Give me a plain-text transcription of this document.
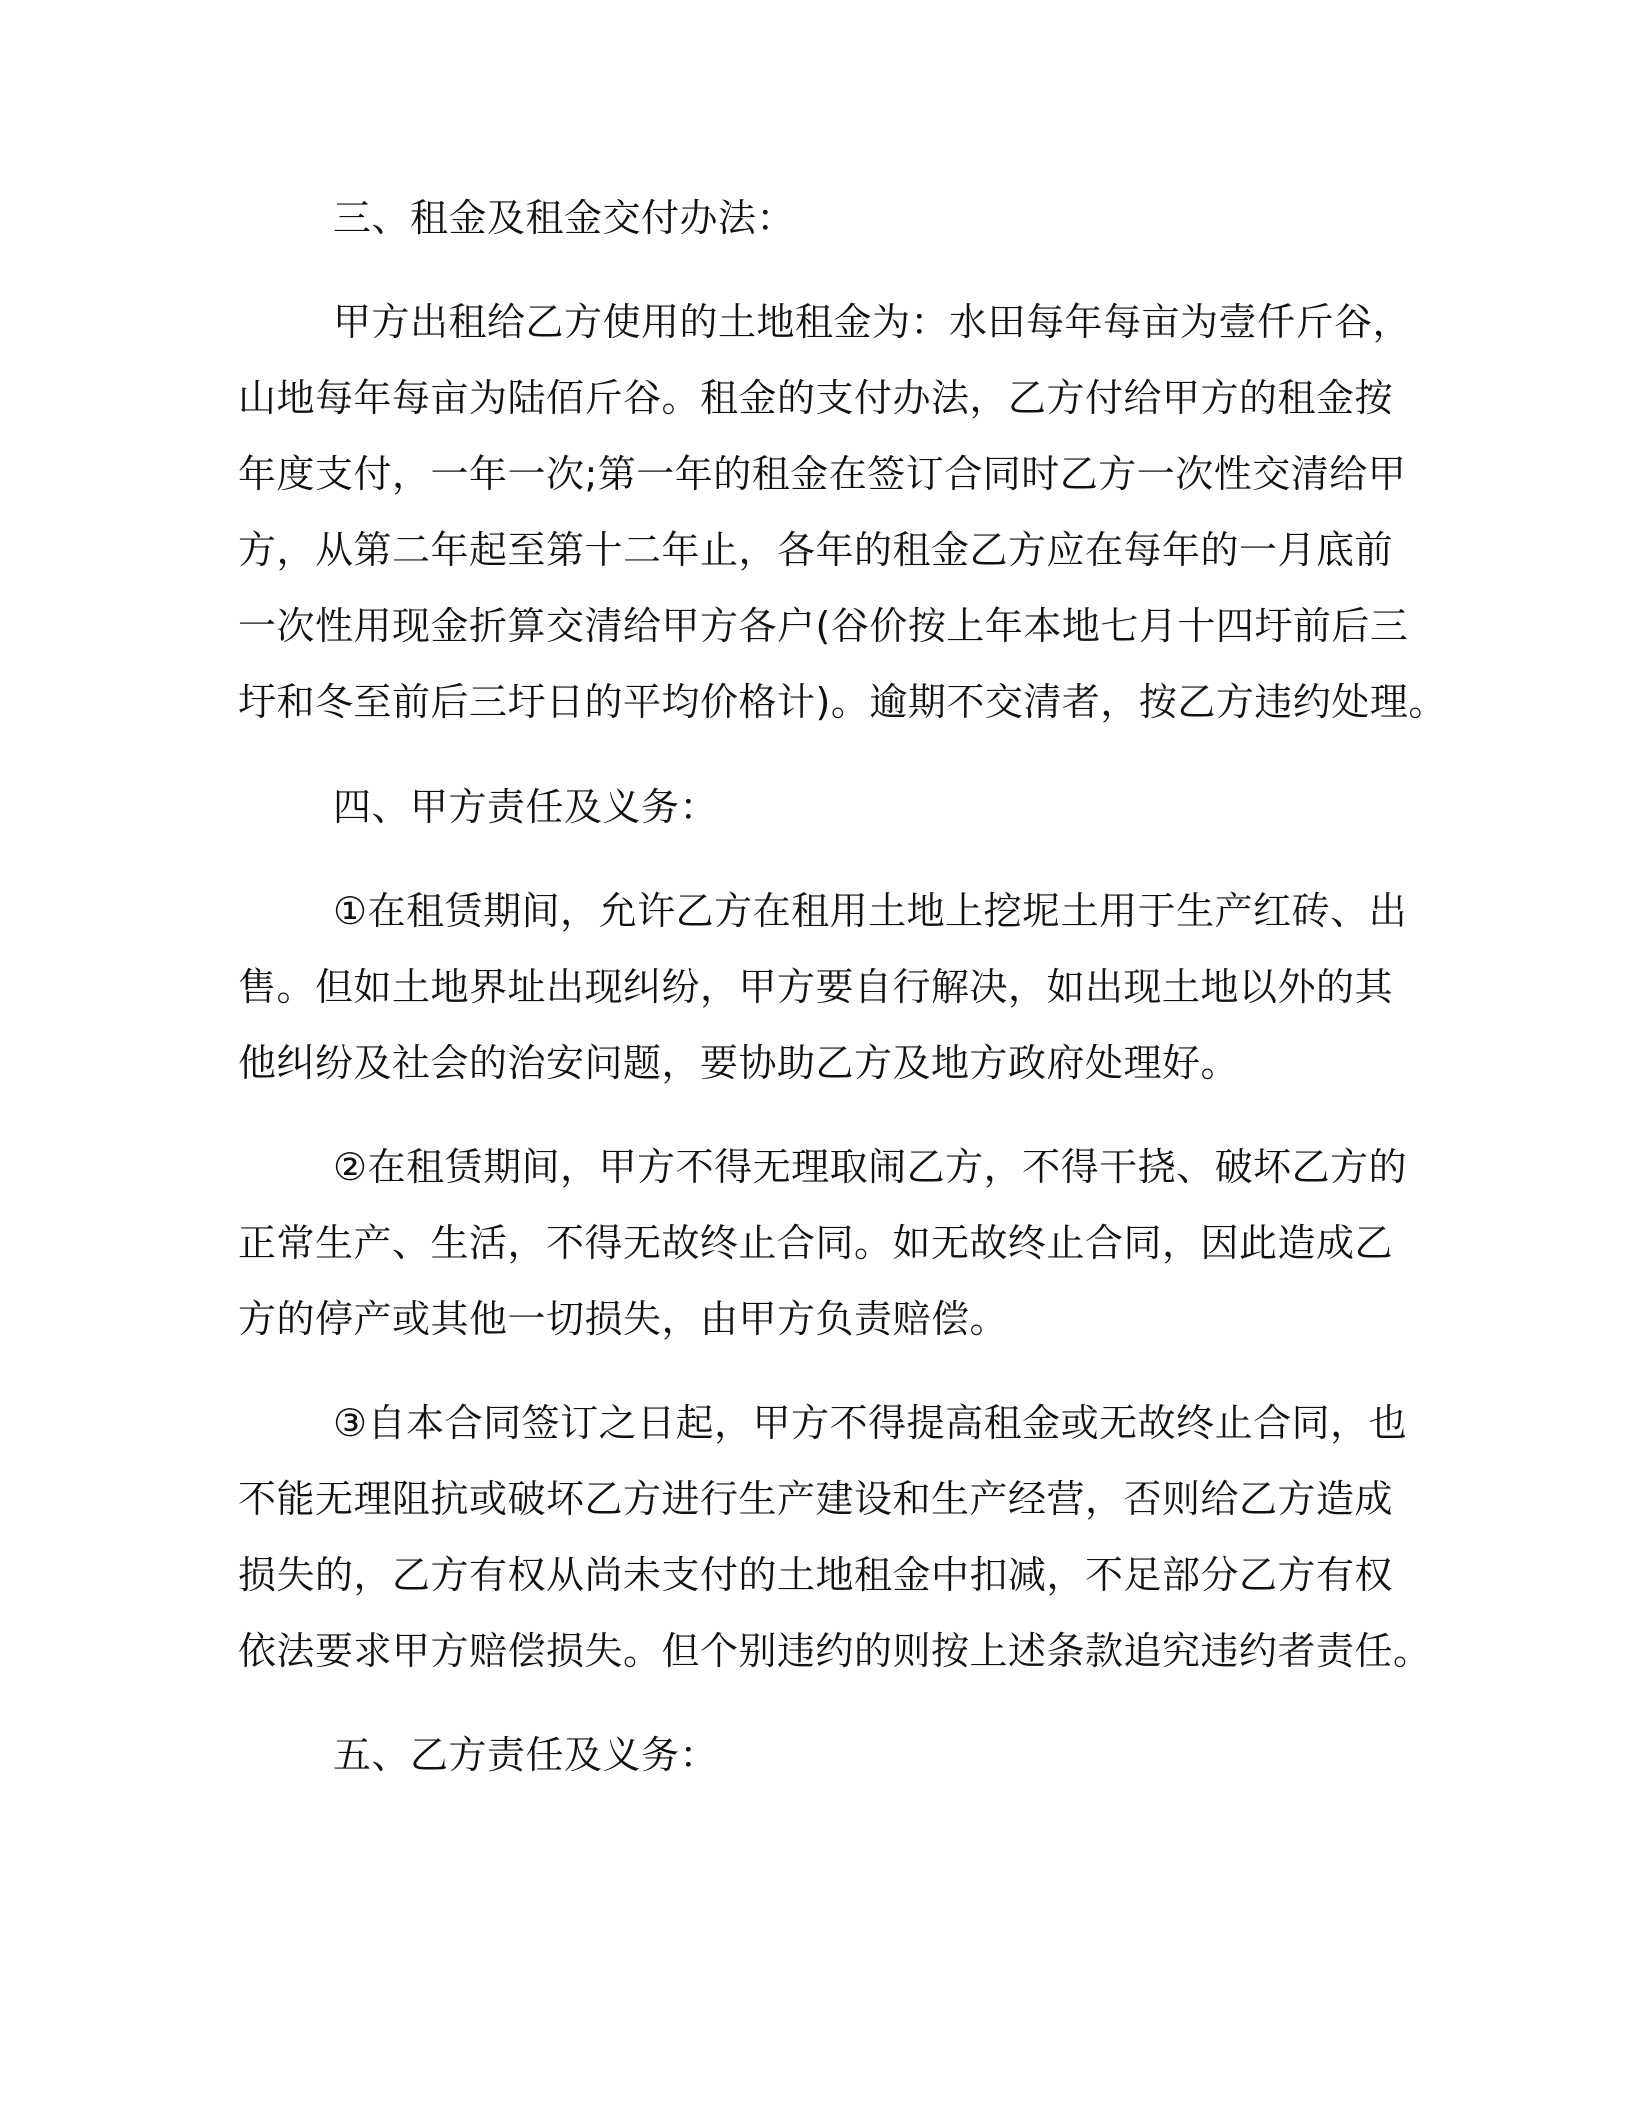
三、租金及租金交付办法：
甲方出租给乙方使用的土地租金为：水田每年每亩为壹仟斤谷，
山地每年每亩为陆佰斤谷。租金的支付办法，乙方付给甲方的租金按
年度支付，一年一次;第一年的租金在签订合同时乙方一次性交清给甲
方，从第二年起至第十二年止，各年的租金乙方应在每年的一月底前
一次性用现金折算交清给甲方各户(谷价按上年本地七月十四圩前后三
圩和冬至前后三圩日的平均价格计)。逾期不交清者，按乙方违约处理。
四、甲方责任及义务：
①在租赁期间，允许乙方在租用土地上挖坭土用于生产红砖、出
售。但如土地界址出现纠纷，甲方要自行解决，如出现土地以外的其
他纠纷及社会的治安问题，要协助乙方及地方政府处理好。
②在租赁期间，甲方不得无理取闹乙方，不得干挠、破坏乙方的
正常生产、生活，不得无故终止合同。如无故终止合同，因此造成乙
方的停产或其他一切损失，由甲方负责赔偿。
③自本合同签订之日起，甲方不得提高租金或无故终止合同，也
不能无理阻抗或破坏乙方进行生产建设和生产经营，否则给乙方造成
损失的，乙方有权从尚未支付的土地租金中扣减，不足部分乙方有权
依法要求甲方赔偿损失。但个别违约的则按上述条款追究违约者责任。
五、乙方责任及义务：
